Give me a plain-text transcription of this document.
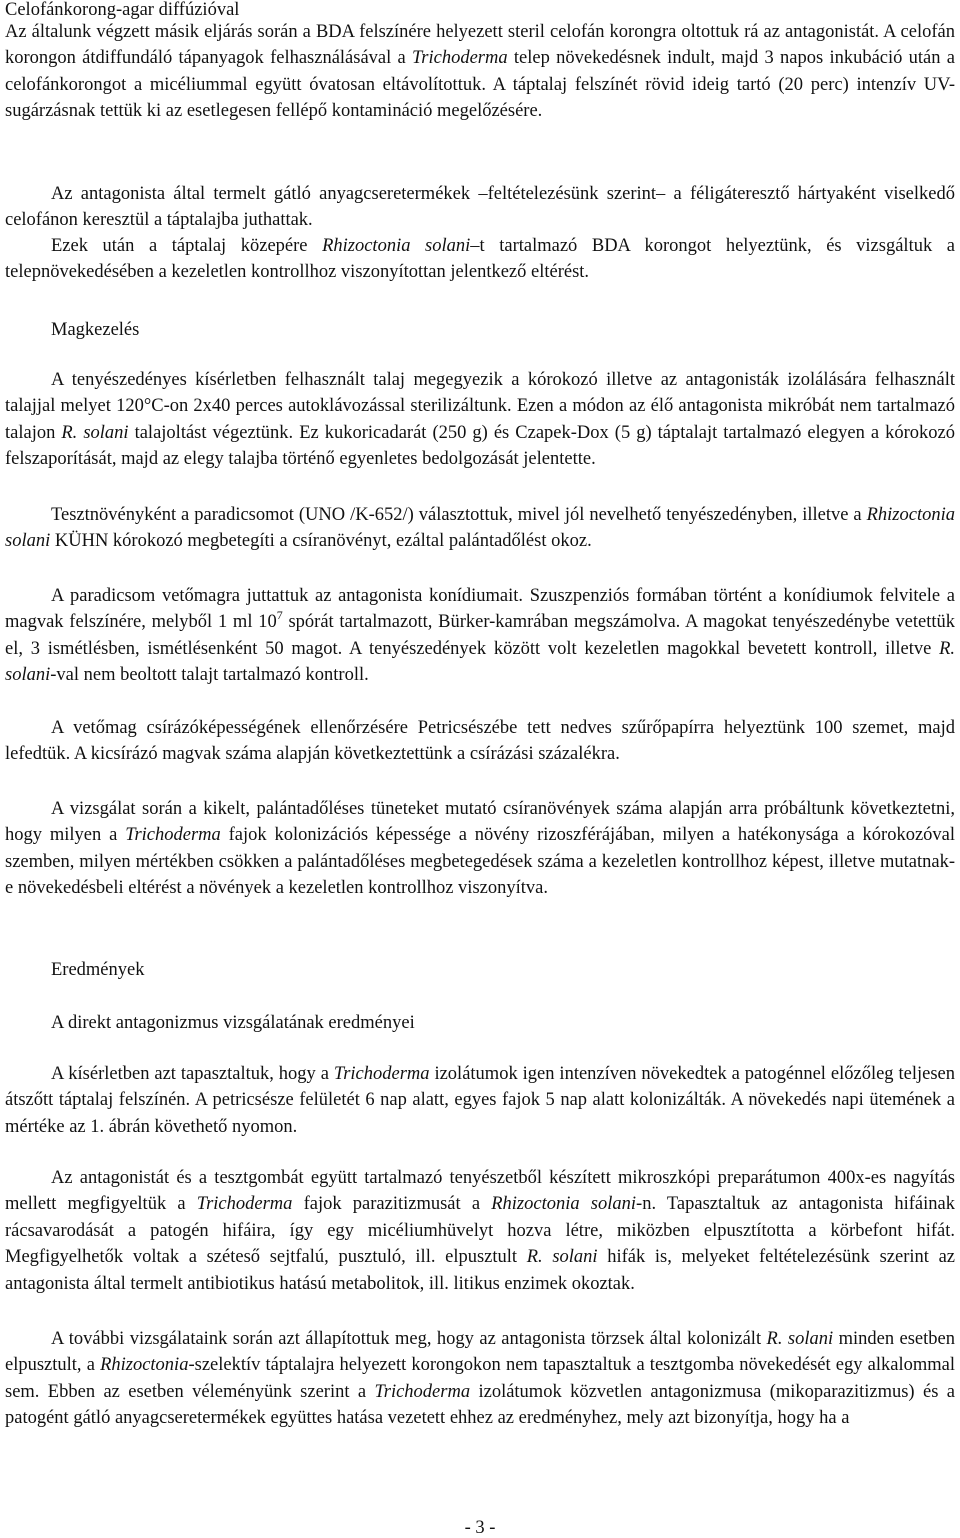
Celofánkorong-agar diffúzióval
Az általunk végzett másik eljárás során a BDA felszínére helyezett steril celofán korongra oltottuk rá az antagonistát. A celofán korongon átdiffundáló tápanyagok felhasználásával a Trichoderma telep növekedésnek indult, majd 3 napos inkubáció után a celofánkorongot a micéliummal együtt óvatosan eltávolítottuk. A táptalaj felszínét rövid ideig tartó (20 perc) intenzív UV-sugárzásnak tettük ki az esetlegesen fellépő kontamináció megelőzésére.
Az antagonista által termelt gátló anyagcseretermékek –feltételezésünk szerint– a féligáteresztő hártyaként viselkedő celofánon keresztül a táptalajba juthattak.
Ezek után a táptalaj közepére Rhizoctonia solani–t tartalmazó BDA korongot helyeztünk, és vizsgáltuk a telepnövekedésében a kezeletlen kontrollhoz viszonyítottan jelentkező eltérést.
Magkezelés
A tenyészedényes kísérletben felhasznált talaj megegyezik a kórokozó illetve az antagonisták izolálására felhasznált talajjal melyet 120°C-on 2x40 perces autoklávozással sterilizáltunk. Ezen a módon az élő antagonista mikróbát nem tartalmazó talajon R. solani talajoltást végeztünk. Ez kukoricadarát (250 g) és Czapek-Dox (5 g) táptalajt tartalmazó elegyen a kórokozó felszaporítását, majd az elegy talajba történő egyenletes bedolgozását jelentette.
Tesztnövényként a paradicsomot (UNO /K-652/) választottuk, mivel jól nevelhető tenyészedényben, illetve a Rhizoctonia solani KÜHN kórokozó megbetegíti a csíranövényt, ezáltal palántadőlést okoz.
A paradicsom vetőmagra juttattuk az antagonista konídiumait. Szuszpenziós formában történt a konídiumok felvitele a magvak felszínére, melyből 1 ml $10^7$ spórát tartalmazott, Bürker-kamrában megszámolva. A magokat tenyészedénybe vetettük el, 3 ismétlésben, ismétlésenként 50 magot. A tenyészedények között volt kezeletlen magokkal bevetett kontroll, illetve R. solani-val nem beoltott talajt tartalmazó kontroll.
A vetőmag csírázóképességének ellenőrzésére Petricsészébe tett nedves szűrőpapírra helyeztünk 100 szemet, majd lefedtük. A kicsírázó magvak száma alapján következtettünk a csírázási százalékra.
A vizsgálat során a kikelt, palántadőléses tüneteket mutató csíranövények száma alapján arra próbáltunk következtetni, hogy milyen a Trichoderma fajok kolonizációs képessége a növény rizoszférájában, milyen a hatékonysága a kórokozóval szemben, milyen mértékben csökken a palántadőléses megbetegedések száma a kezeletlen kontrollhoz képest, illetve mutatnak-e növekedésbeli eltérést a növények a kezeletlen kontrollhoz viszonyítva.
Eredmények
A direkt antagonizmus vizsgálatának eredményei
A kísérletben azt tapasztaltuk, hogy a Trichoderma izolátumok igen intenzíven növekedtek a patogénnel előzőleg teljesen átszőtt táptalaj felszínén. A petricsésze felületét 6 nap alatt, egyes fajok 5 nap alatt kolonizálták. A növekedés napi ütemének a mértéke az 1. ábrán követhető nyomon.
Az antagonistát és a tesztgombát együtt tartalmazó tenyészetből készített mikroszkópi preparátumon 400x-es nagyítás mellett megfigyeltük a Trichoderma fajok parazitizmusát a Rhizoctonia solani-n. Tapasztaltuk az antagonista hifáinak rácsavarodását a patogén hifáira, így egy micéliumhüvelyt hozva létre, miközben elpusztította a körbefont hifát. Megfigyelhetők voltak a széteső sejtfalú, pusztuló, ill. elpusztult R. solani hifák is, melyeket feltételezésünk szerint az antagonista által termelt antibiotikus hatású metabolitok, ill. litikus enzimek okoztak.
A további vizsgálataink során azt állapítottuk meg, hogy az antagonista törzsek által kolonizált R. solani minden esetben elpusztult, a Rhizoctonia-szelektív táptalajra helyezett korongokon nem tapasztaltuk a tesztgomba növekedését egy alkalommal sem. Ebben az esetben véleményünk szerint a Trichoderma izolátumok közvetlen antagonizmusa (mikoparazitizmus) és a patogént gátló anyagcseretermékek együttes hatása vezetett ehhez az eredményhez, mely azt bizonyítja, hogy ha a
- 3 -
